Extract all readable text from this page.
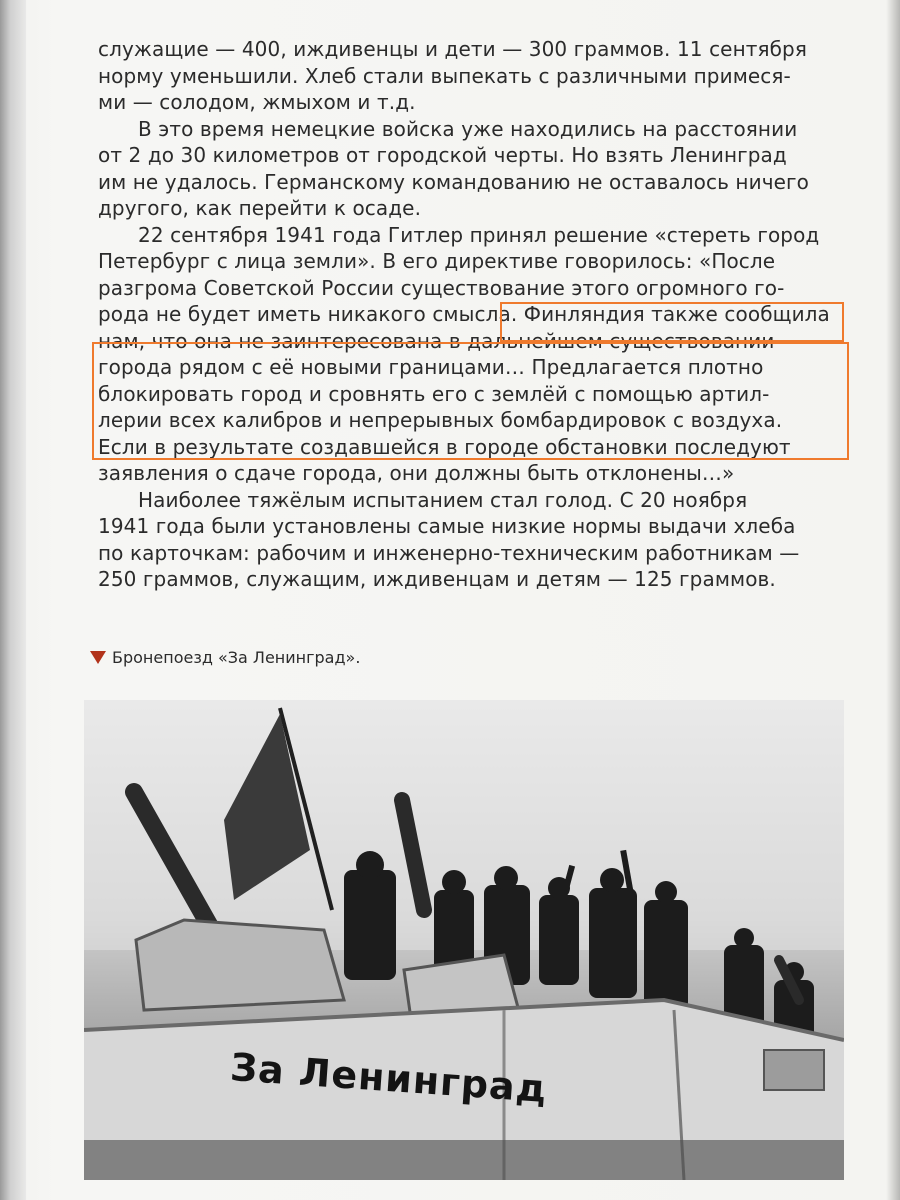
служащие — 400, иждивенцы и дети — 300 граммов. 11 сентября
норму уменьшили. Хлеб стали выпекать с различными примеся-
ми — солодом, жмыхом и т.д.
В это время немецкие войска уже находились на расстоянии
от 2 до 30 километров от городской черты. Но взять Ленинград
им не удалось. Германскому командованию не оставалось ничего
другого, как перейти к осаде.
22 сентября 1941 года Гитлер принял решение «стереть город
Петербург с лица земли». В его директиве говорилось: «После
разгрома Советской России существование этого огромного го-
рода не будет иметь никакого смысла. Финляндия также сообщила
нам, что она не заинтересована в дальнейшем существовании
города рядом с её новыми границами… Предлагается плотно
блокировать город и сровнять его с землёй с помощью артил-
лерии всех калибров и непрерывных бомбардировок с воздуха.
Если в результате создавшейся в городе обстановки последуют
заявления о сдаче города, они должны быть отклонены…»
Наиболее тяжёлым испытанием стал голод. С 20 ноября
1941 года были установлены самые низкие нормы выдачи хлеба
по карточкам: рабочим и инженерно-техническим работникам —
250 граммов, служащим, иждивенцам и детям — 125 граммов.
Бронепоезд «За Ленинград».
За Ленинград
